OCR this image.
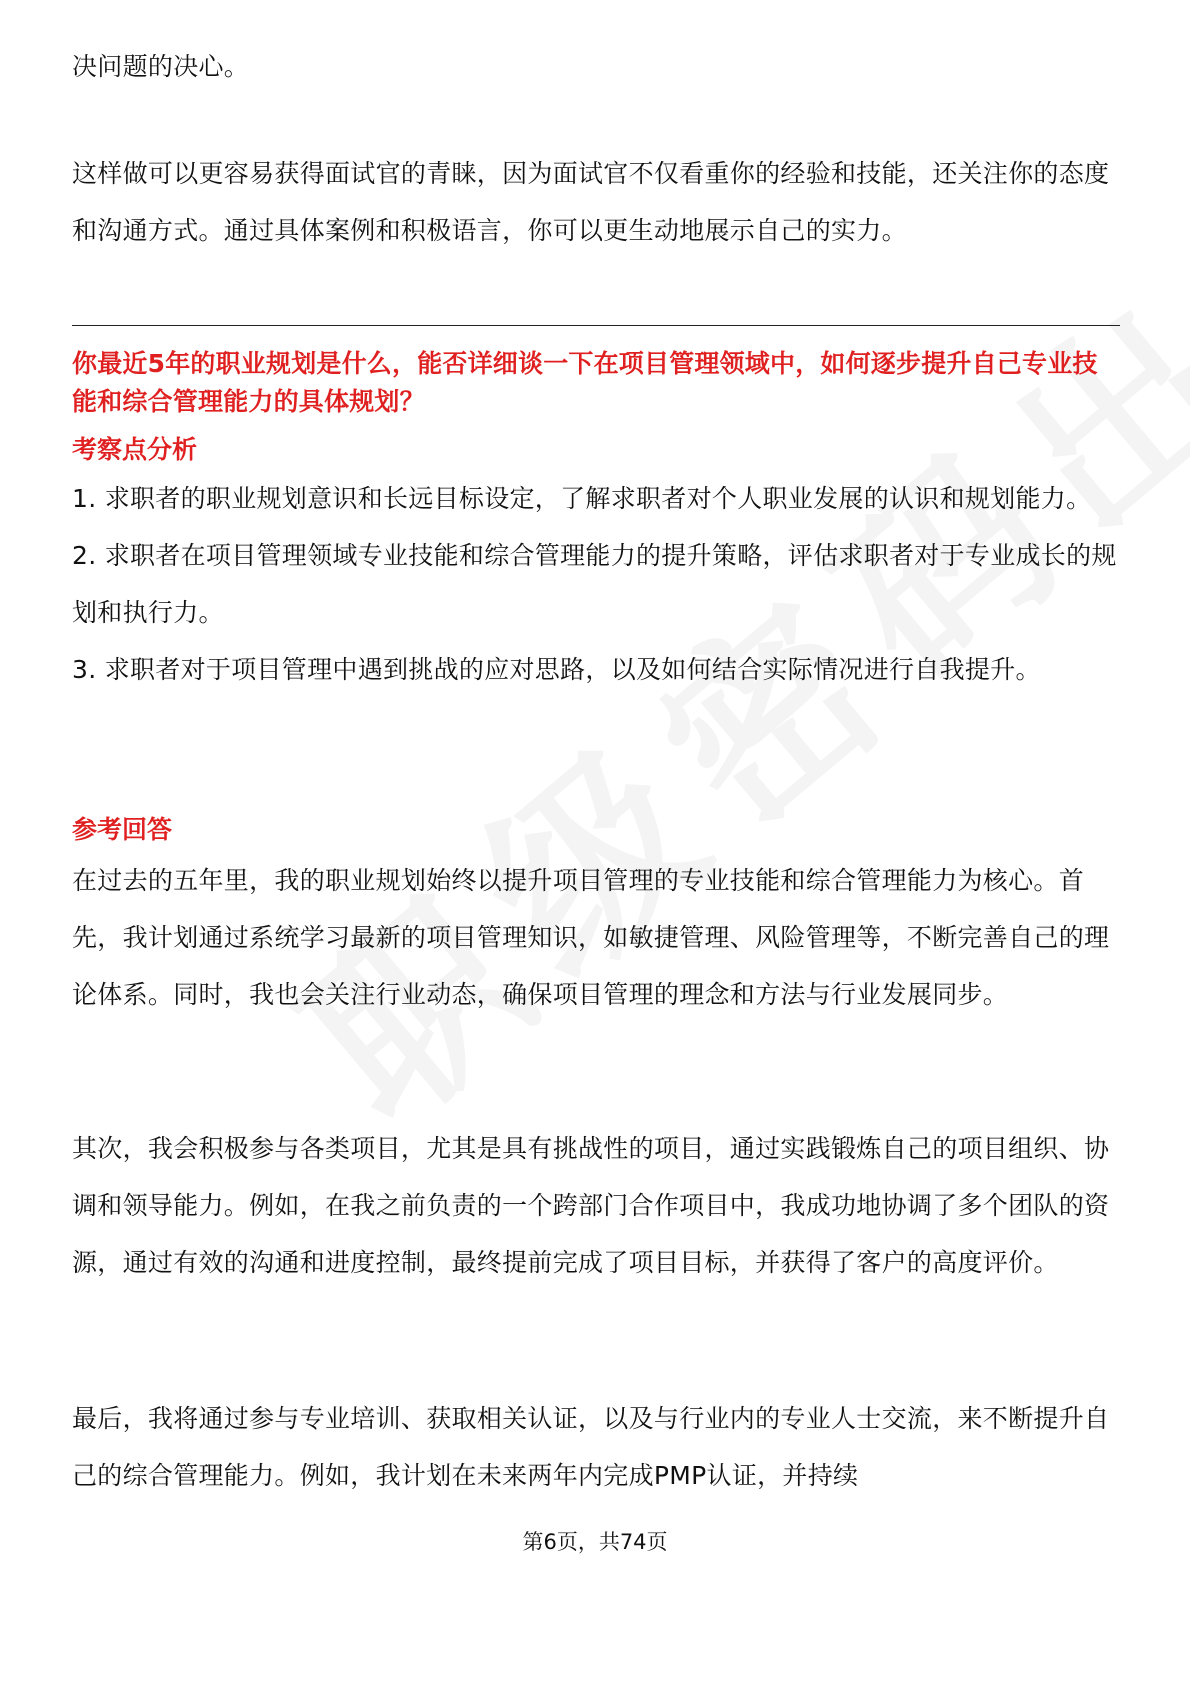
决问题的决心。

这样做可以更容易获得面试官的青睐，因为面试官不仅看重你的经验和技能，还关注你的态度和沟通方式。通过具体案例和积极语言，你可以更生动地展示自己的实力。

你最近5年的职业规划是什么，能否详细谈一下在项目管理领域中，如何逐步提升自己专业技能和综合管理能力的具体规划？

考察点分析

1. 求职者的职业规划意识和长远目标设定，了解求职者对个人职业发展的认识和规划能力。

2. 求职者在项目管理领域专业技能和综合管理能力的提升策略，评估求职者对于专业成长的规划和执行力。

3. 求职者对于项目管理中遇到挑战的应对思路，以及如何结合实际情况进行自我提升。

参考回答

在过去的五年里，我的职业规划始终以提升项目管理的专业技能和综合管理能力为核心。首先，我计划通过系统学习最新的项目管理知识，如敏捷管理、风险管理等，不断完善自己的理论体系。同时，我也会关注行业动态，确保项目管理的理念和方法与行业发展同步。

其次，我会积极参与各类项目，尤其是具有挑战性的项目，通过实践锻炼自己的项目组织、协调和领导能力。例如，在我之前负责的一个跨部门合作项目中，我成功地协调了多个团队的资源，通过有效的沟通和进度控制，最终提前完成了项目目标，并获得了客户的高度评价。

最后，我将通过参与专业培训、获取相关认证，以及与行业内的专业人士交流，来不断提升自己的综合管理能力。例如，我计划在未来两年内完成PMP认证，并持续

第6页，共74页
